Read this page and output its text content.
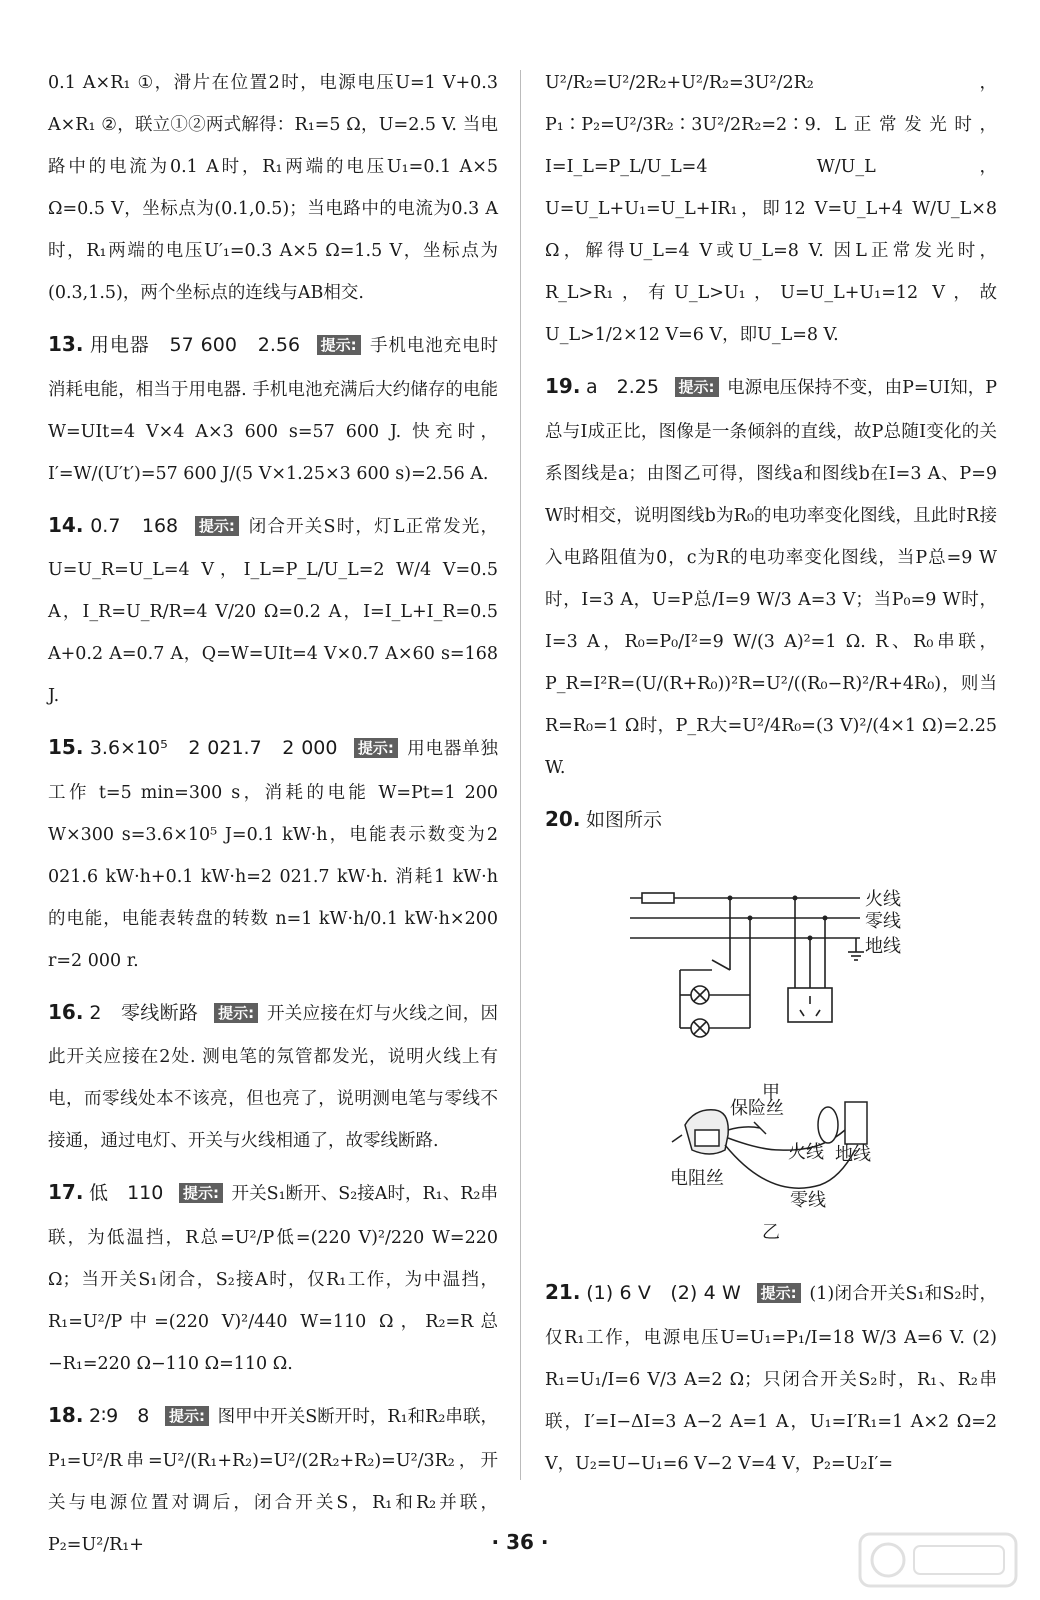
0.1 A×R₁ ①，滑片在位置2时，电源电压U=1 V+0.3 A×R₁ ②，联立①②两式解得：R₁=5 Ω，U=2.5 V. 当电路中的电流为0.1 A时，R₁两端的电压U₁=0.1 A×5 Ω=0.5 V，坐标点为(0.1,0.5)；当电路中的电流为0.3 A时，R₁两端的电压U′₁=0.3 A×5 Ω=1.5 V，坐标点为(0.3,1.5)，两个坐标点的连线与AB相交.

13. 用电器　57 600　2.56 提示: 手机电池充电时消耗电能，相当于用电器. 手机电池充满后大约储存的电能W=UIt=4 V×4 A×3 600 s=57 600 J. 快充时，I′=W/(U′t′)=57 600 J/(5 V×1.25×3 600 s)=2.56 A.

14. 0.7　168 提示: 闭合开关S时，灯L正常发光，U=U_R=U_L=4 V，I_L=P_L/U_L=2 W/4 V=0.5 A，I_R=U_R/R=4 V/20 Ω=0.2 A，I=I_L+I_R=0.5 A+0.2 A=0.7 A，Q=W=UIt=4 V×0.7 A×60 s=168 J.

15. 3.6×10⁵　2 021.7　2 000 提示: 用电器单独工作 t=5 min=300 s，消耗的电能 W=Pt=1 200 W×300 s=3.6×10⁵ J=0.1 kW·h，电能表示数变为2 021.6 kW·h+0.1 kW·h=2 021.7 kW·h. 消耗1 kW·h的电能，电能表转盘的转数 n=1 kW·h/0.1 kW·h×200 r=2 000 r.

16. 2　零线断路 提示: 开关应接在灯与火线之间，因此开关应接在2处. 测电笔的氖管都发光，说明火线上有电，而零线处本不该亮，但也亮了，说明测电笔与零线不接通，通过电灯、开关与火线相通了，故零线断路.

17. 低　110 提示: 开关S₁断开、S₂接A时，R₁、R₂串联，为低温挡，R总=U²/P低=(220 V)²/220 W=220 Ω；当开关S₁闭合，S₂接A时，仅R₁工作，为中温挡，R₁=U²/P中=(220 V)²/440 W=110 Ω，R₂=R总−R₁=220 Ω−110 Ω=110 Ω.

18. 2∶9　8 提示: 图甲中开关S断开时，R₁和R₂串联，P₁=U²/R串=U²/(R₁+R₂)=U²/(2R₂+R₂)=U²/3R₂，开关与电源位置对调后，闭合开关S，R₁和R₂并联，P₂=U²/R₁+

U²/R₂=U²/2R₂+U²/R₂=3U²/2R₂，P₁∶P₂=U²/3R₂∶3U²/2R₂=2∶9. L正常发光时，I=I_L=P_L/U_L=4 W/U_L，U=U_L+U₁=U_L+IR₁，即12 V=U_L+4 W/U_L×8 Ω，解得U_L=4 V或U_L=8 V. 因L正常发光时，R_L>R₁，有U_L>U₁，U=U_L+U₁=12 V，故U_L>1/2×12 V=6 V，即U_L=8 V.

19. a　2.25 提示: 电源电压保持不变，由P=UI知，P总与I成正比，图像是一条倾斜的直线，故P总随I变化的关系图线是a；由图乙可得，图线a和图线b在I=3 A、P=9 W时相交，说明图线b为R₀的电功率变化图线，且此时R接入电路阻值为0，c为R的电功率变化图线，当P总=9 W时，I=3 A，U=P总/I=9 W/3 A=3 V；当P₀=9 W时，I=3 A，R₀=P₀/I²=9 W/(3 A)²=1 Ω. R、R₀串联，P_R=I²R=(U/(R+R₀))²R=U²/((R₀−R)²/R+4R₀)，则当R=R₀=1 Ω时，P_R大=U²/4R₀=(3 V)²/(4×1 Ω)=2.25 W.

20. 如图所示

火线
零线
地线
甲
保险丝
火线 地线
电阻丝
零线
乙

21. (1) 6 V　(2) 4 W 提示: (1)闭合开关S₁和S₂时，仅R₁工作，电源电压U=U₁=P₁/I=18 W/3 A=6 V. (2) R₁=U₁/I=6 V/3 A=2 Ω；只闭合开关S₂时，R₁、R₂串联，I′=I−ΔI=3 A−2 A=1 A，U₁=I′R₁=1 A×2 Ω=2 V，U₂=U−U₁=6 V−2 V=4 V，P₂=U₂I′=

· 36 ·
